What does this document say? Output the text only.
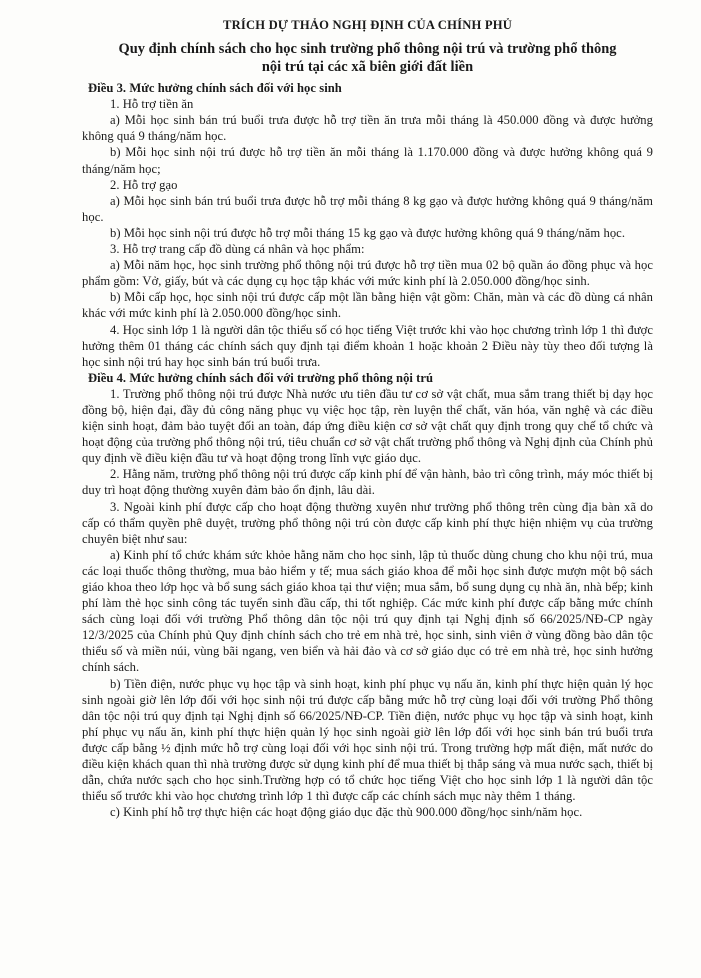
TRÍCH DỰ THẢO NGHỊ ĐỊNH CỦA CHÍNH PHỦ
Quy định chính sách cho học sinh trường phổ thông nội trú và trường phổ thông
nội trú tại các xã biên giới đất liền

Điều 3. Mức hưởng chính sách đối với học sinh

1. Hỗ trợ tiền ăn

a) Mỗi học sinh bán trú buổi trưa được hỗ trợ tiền ăn trưa mỗi tháng là 450.000 đồng và được hưởng không quá 9 tháng/năm học.

b) Mỗi học sinh nội trú được hỗ trợ tiền ăn mỗi tháng là 1.170.000 đồng và được hưởng không quá 9 tháng/năm học;

2. Hỗ trợ gạo

a) Mỗi học sinh bán trú buổi trưa được hỗ trợ mỗi tháng 8 kg gạo và được hưởng không quá 9 tháng/năm học.

b) Mỗi học sinh nội trú được hỗ trợ mỗi tháng 15 kg gạo và được hưởng không quá 9 tháng/năm học.

3. Hỗ trợ trang cấp đồ dùng cá nhân và học phẩm:

a) Mỗi năm học, học sinh trường phổ thông nội trú được hỗ trợ tiền mua 02 bộ quần áo đồng phục và học phẩm gồm: Vở, giấy, bút và các dụng cụ học tập khác với mức kinh phí là 2.050.000 đồng/học sinh.

b) Mỗi cấp học, học sinh nội trú được cấp một lần bằng hiện vật gồm: Chăn, màn và các đồ dùng cá nhân khác với mức kinh phí là 2.050.000 đồng/học sinh.

4. Học sinh lớp 1 là người dân tộc thiểu số có học tiếng Việt trước khi vào học chương trình lớp 1 thì được hưởng thêm 01 tháng các chính sách quy định tại điểm khoản 1 hoặc khoản 2 Điều này tùy theo đối tượng là học sinh nội trú hay học sinh bán trú buổi trưa.

Điều 4. Mức hưởng chính sách đối với trường phổ thông nội trú

1. Trường phổ thông nội trú được Nhà nước ưu tiên đầu tư cơ sở vật chất, mua sắm trang thiết bị dạy học đồng bộ, hiện đại, đầy đủ công năng phục vụ việc học tập, rèn luyện thể chất, văn hóa, văn nghệ và các điều kiện sinh hoạt, đảm bảo tuyệt đối an toàn, đáp ứng điều kiện cơ sở vật chất quy định trong quy chế tổ chức và hoạt động của trường phổ thông nội trú, tiêu chuẩn cơ sở vật chất trường phổ thông và Nghị định của Chính phủ quy định về điều kiện đầu tư và hoạt động trong lĩnh vực giáo dục.

2. Hằng năm, trường phổ thông nội trú được cấp kinh phí để vận hành, bảo trì công trình, máy móc thiết bị duy trì hoạt động thường xuyên đảm bảo ổn định, lâu dài.

3. Ngoài kinh phí được cấp cho hoạt động thường xuyên như trường phổ thông trên cùng địa bàn xã do cấp có thẩm quyền phê duyệt, trường phổ thông nội trú còn được cấp kinh phí thực hiện nhiệm vụ của trường chuyên biệt như sau:

a) Kinh phí tổ chức khám sức khỏe hằng năm cho học sinh, lập tủ thuốc dùng chung cho khu nội trú, mua các loại thuốc thông thường, mua bảo hiểm y tế; mua sách giáo khoa để mỗi học sinh được mượn một bộ sách giáo khoa theo lớp học và bổ sung sách giáo khoa tại thư viện; mua sắm, bổ sung dụng cụ nhà ăn, nhà bếp; kinh phí làm thẻ học sinh công tác tuyển sinh đầu cấp, thi tốt nghiệp. Các mức kinh phí được cấp bằng mức chính sách cùng loại đối với trường Phổ thông dân tộc nội trú quy định tại Nghị định số 66/2025/NĐ-CP ngày 12/3/2025 của Chính phủ Quy định chính sách cho trẻ em nhà trẻ, học sinh, sinh viên ở vùng đồng bào dân tộc thiểu số và miền núi, vùng bãi ngang, ven biển và hải đảo và cơ sở giáo dục có trẻ em nhà trẻ, học sinh hưởng chính sách.

b) Tiền điện, nước phục vụ học tập và sinh hoạt, kinh phí phục vụ nấu ăn, kinh phí thực hiện quản lý học sinh ngoài giờ lên lớp đối với học sinh nội trú được cấp bằng mức hỗ trợ cùng loại đối với trường Phổ thông dân tộc nội trú quy định tại Nghị định số 66/2025/NĐ-CP. Tiền điện, nước phục vụ học tập và sinh hoạt, kinh phí phục vụ nấu ăn, kinh phí thực hiện quản lý học sinh ngoài giờ lên lớp đối với học sinh bán trú buổi trưa được cấp bằng ½ định mức hỗ trợ cùng loại đối với học sinh nội trú. Trong trường hợp mất điện, mất nước do điều kiện khách quan thì nhà trường được sử dụng kinh phí để mua thiết bị thắp sáng và mua nước sạch, thiết bị dẫn, chứa nước sạch cho học sinh.Trường hợp có tổ chức học tiếng Việt cho học sinh lớp 1 là người dân tộc thiểu số trước khi vào học chương trình lớp 1 thì được cấp các chính sách mục này thêm 1 tháng.

c) Kinh phí hỗ trợ thực hiện các hoạt động giáo dục đặc thù 900.000 đồng/học sinh/năm học.
